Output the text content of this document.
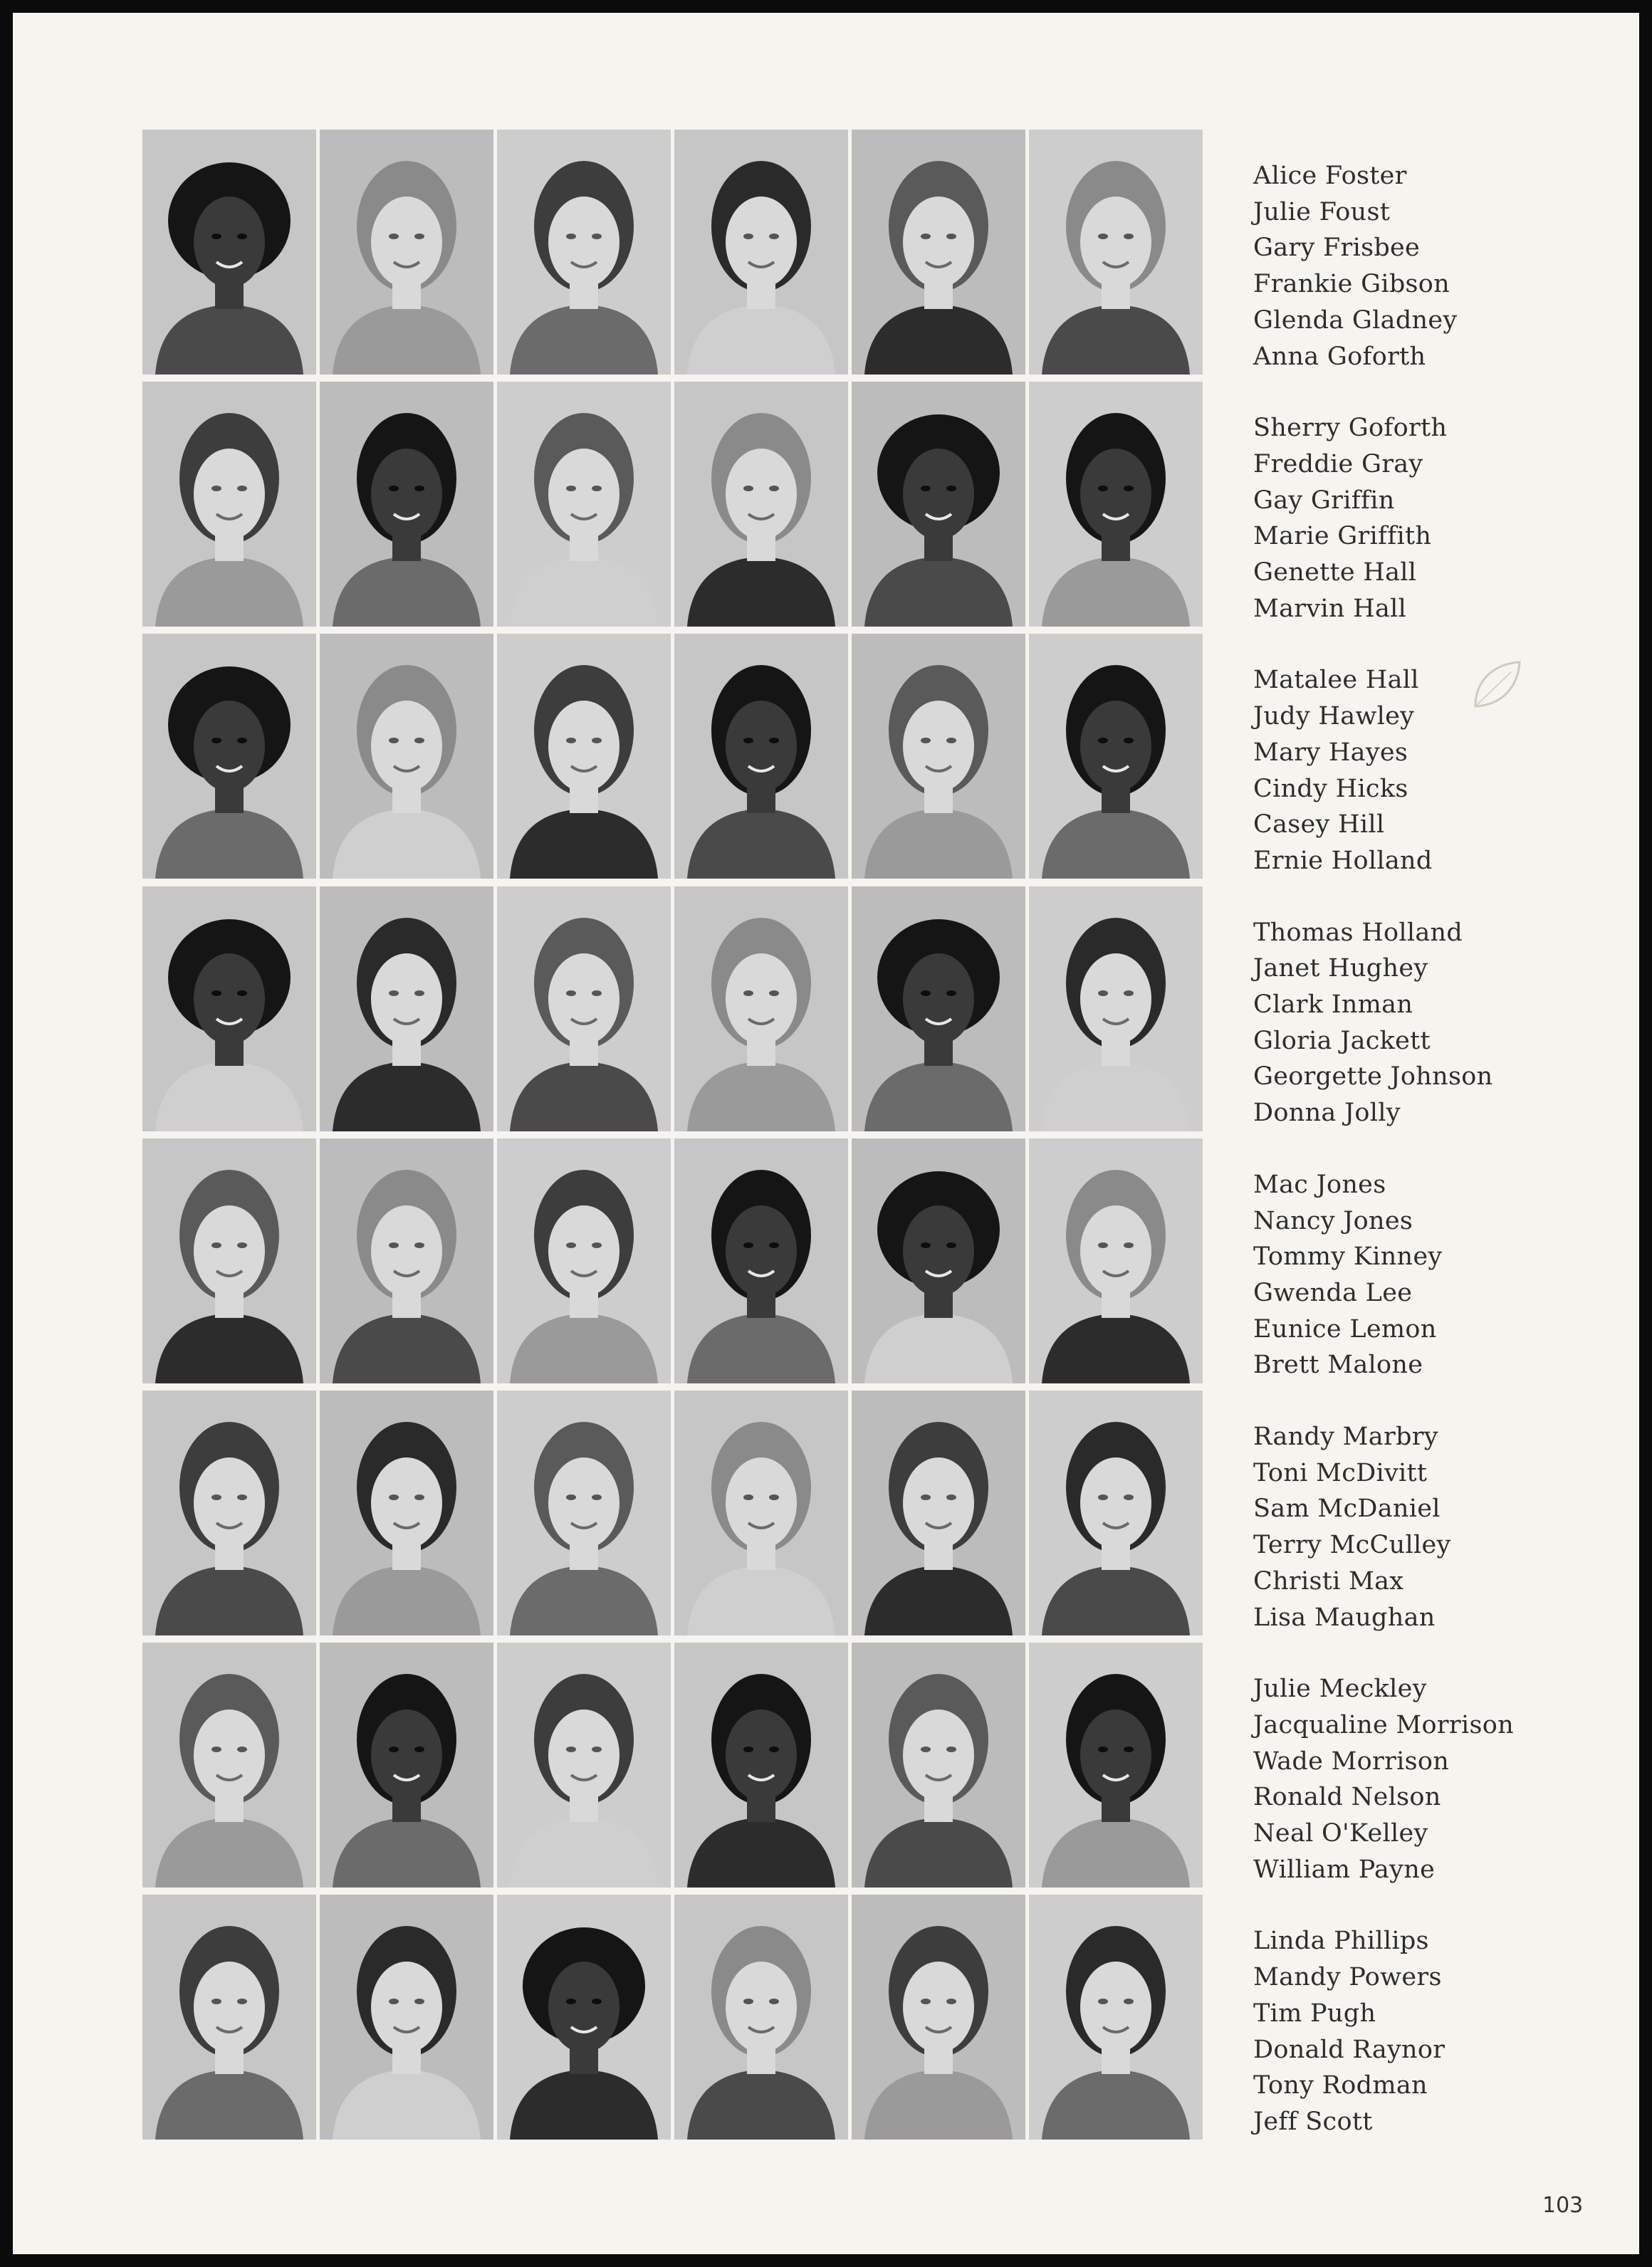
Alice Foster
Julie Foust
Gary Frisbee
Frankie Gibson
Glenda Gladney
Anna Goforth
Sherry Goforth
Freddie Gray
Gay Griffin
Marie Griffith
Genette Hall
Marvin Hall
Matalee Hall
Judy Hawley
Mary Hayes
Cindy Hicks
Casey Hill
Ernie Holland
Thomas Holland
Janet Hughey
Clark Inman
Gloria Jackett
Georgette Johnson
Donna Jolly
Mac Jones
Nancy Jones
Tommy Kinney
Gwenda Lee
Eunice Lemon
Brett Malone
Randy Marbry
Toni McDivitt
Sam McDaniel
Terry McCulley
Christi Max
Lisa Maughan
Julie Meckley
Jacqualine Morrison
Wade Morrison
Ronald Nelson
Neal O'Kelley
William Payne
Linda Phillips
Mandy Powers
Tim Pugh
Donald Raynor
Tony Rodman
Jeff Scott
103
